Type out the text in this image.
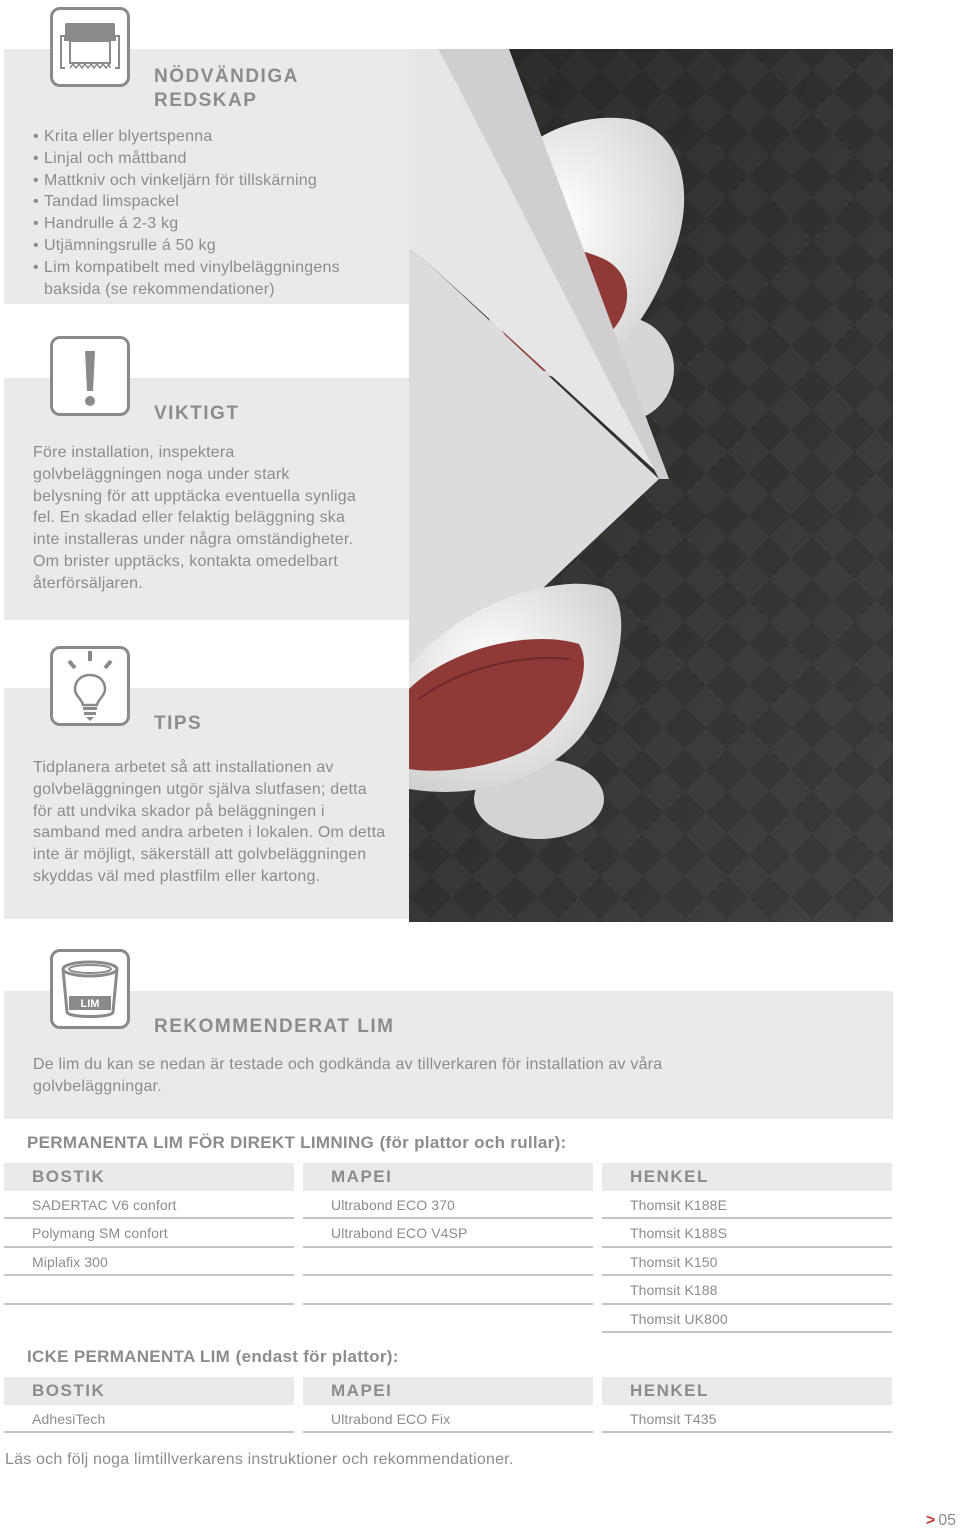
NÖDVÄNDIGA
REDSKAP
• Krita eller blyertspenna
• Linjal och måttband
• Mattkniv och vinkeljärn för tillskärning
• Tandad limspackel
• Handrulle á 2-3 kg
• Utjämningsrulle á 50 kg
• Lim kompatibelt med vinylbeläggningens baksida (se rekommendationer)
VIKTIGT
Före installation, inspektera golvbeläggningen noga under stark belysning för att upptäcka eventuella synliga fel. En skadad eller felaktig beläggning ska inte installeras under några omständigheter. Om brister upptäcks, kontakta omedelbart återförsäljaren.
TIPS
Tidplanera arbetet så att installationen av golvbeläggningen utgör själva slutfasen; detta för att undvika skador på beläggningen i samband med andra arbeten i lokalen. Om detta inte är möjligt, säkerställ att golvbeläggningen skyddas väl med plastfilm eller kartong.
LIM
REKOMMENDERAT LIM
De lim du kan se nedan är testade och godkända av tillverkaren för installation av våra golvbeläggningar.
PERMANENTA LIM FÖR DIREKT LIMNING (för plattor och rullar):
BOSTIK
SADERTAC V6 confort
Polymang SM confort
Miplafix 300
MAPEI
Ultrabond ECO 370
Ultrabond ECO V4SP
HENKEL
Thomsit K188E
Thomsit K188S
Thomsit K150
Thomsit K188
Thomsit UK800
ICKE PERMANENTA LIM (endast för plattor):
BOSTIK
AdhesiTech
MAPEI
Ultrabond ECO Fix
HENKEL
Thomsit T435
Läs och följ noga limtillverkarens instruktioner och rekommendationer.
> 05
